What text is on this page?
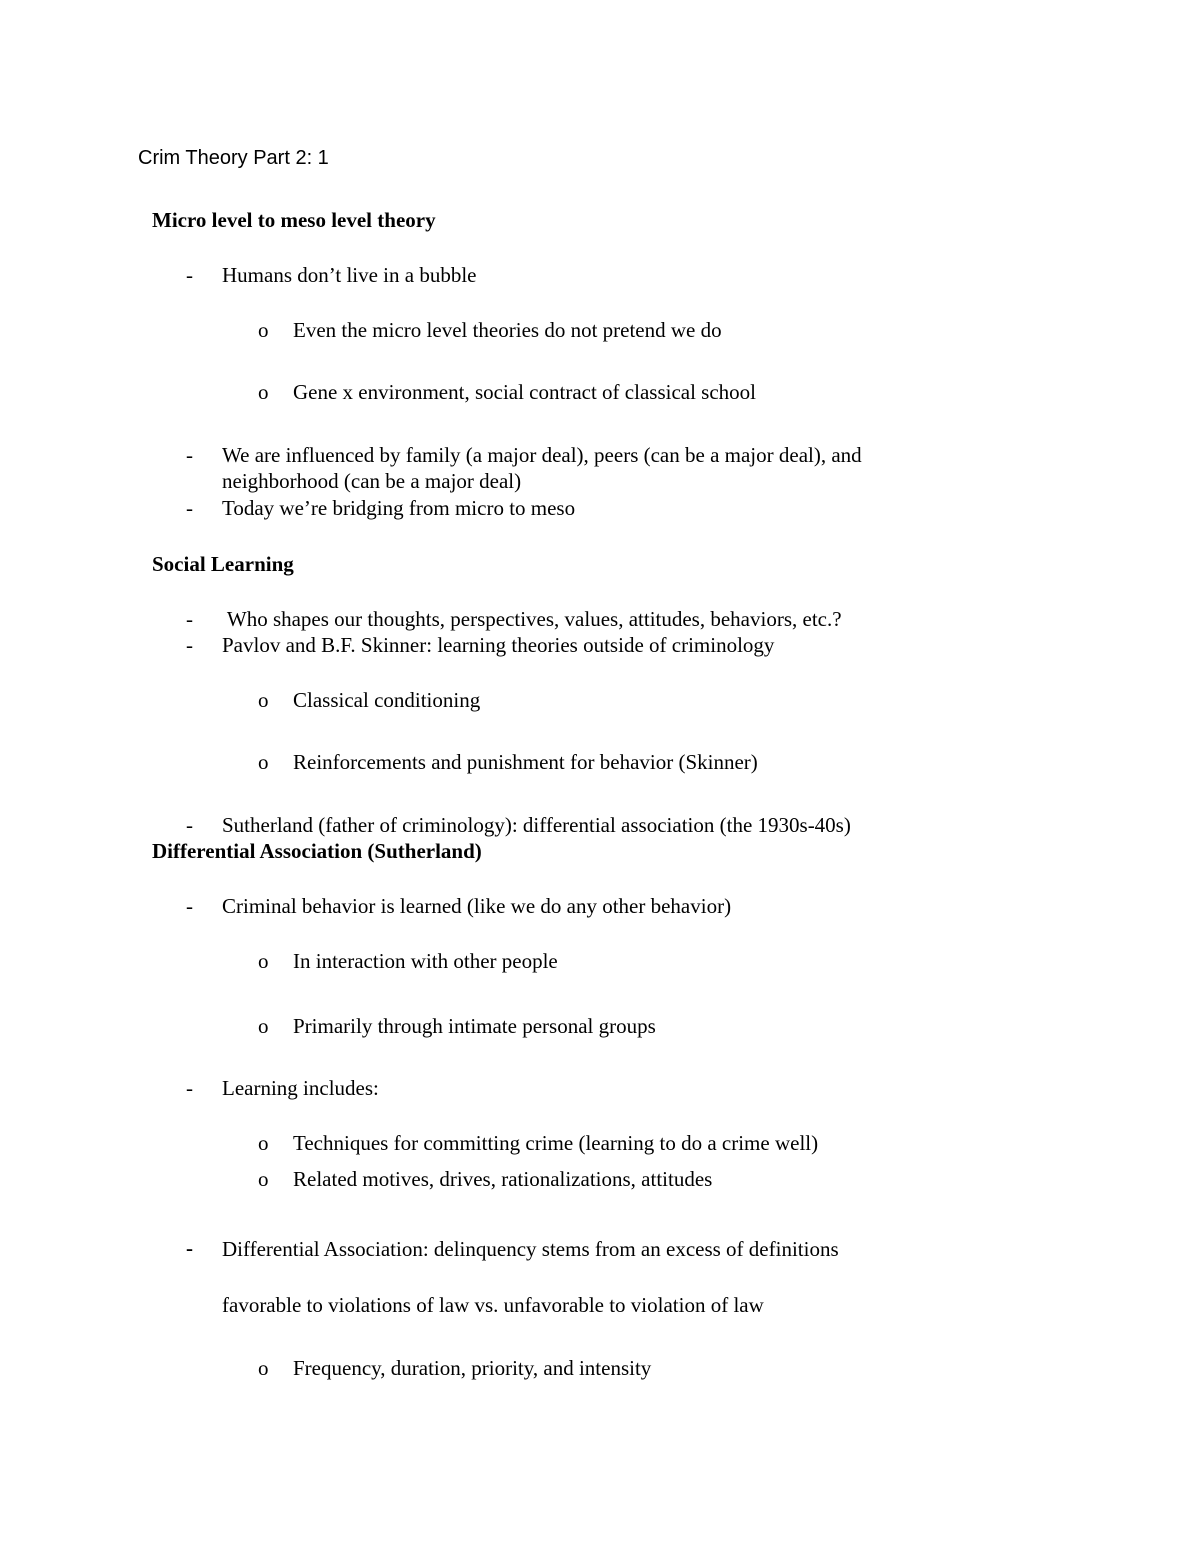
Crim Theory Part 2: 1
Micro level to meso level theory
- Humans don’t live in a bubble
o Even the micro level theories do not pretend we do
o Gene x environment, social contract of classical school
- We are influenced by family (a major deal), peers (can be a major deal), and
neighborhood (can be a major deal)
- Today we’re bridging from micro to meso
Social Learning
- Who shapes our thoughts, perspectives, values, attitudes, behaviors, etc.?
- Pavlov and B.F. Skinner: learning theories outside of criminology
o Classical conditioning
o Reinforcements and punishment for behavior (Skinner)
- Sutherland (father of criminology): differential association (the 1930s-40s)
Differential Association (Sutherland)
- Criminal behavior is learned (like we do any other behavior)
o In interaction with other people
o Primarily through intimate personal groups
- Learning includes:
o Techniques for committing crime (learning to do a crime well)
o Related motives, drives, rationalizations, attitudes
- Differential Association: delinquency stems from an excess of definitions
favorable to violations of law vs. unfavorable to violation of law
o Frequency, duration, priority, and intensity
